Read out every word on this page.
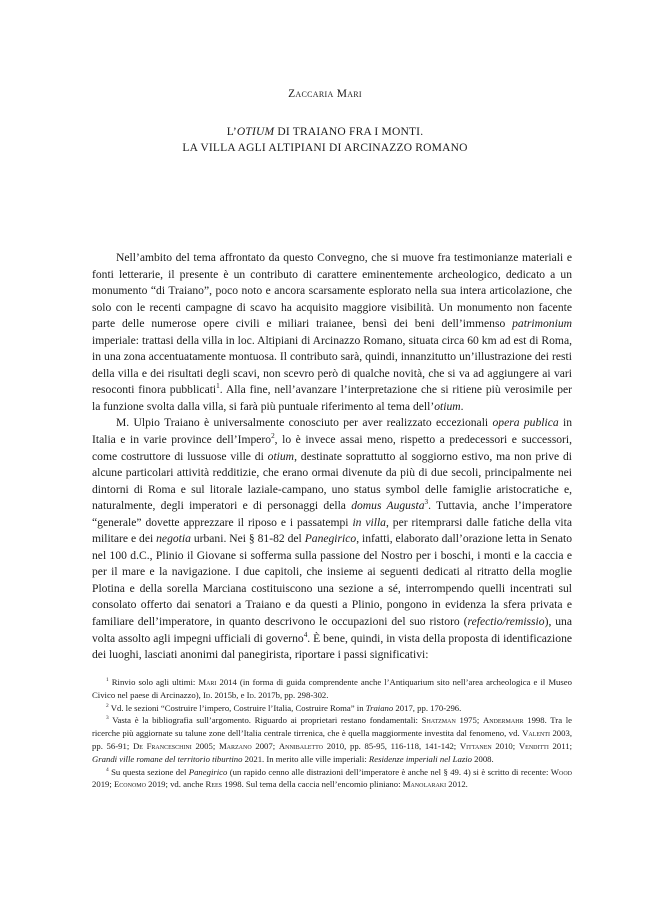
Zaccaria Mari
L’OTIUM DI TRAIANO FRA I MONTI.
LA VILLA AGLI ALTIPIANI DI ARCINAZZO ROMANO

Nell’ambito del tema affrontato da questo Convegno, che si muove fra testimonianze materiali e fonti letterarie, il presente è un contributo di carattere eminentemente archeologico, dedicato a un monumento “di Traiano”, poco noto e ancora scarsamente esplorato nella sua intera articolazione, che solo con le recenti campagne di scavo ha acquisito maggiore visibilità. Un monumento non facente parte delle numerose opere civili e miliari traianee, bensì dei beni dell’immenso patrimonium imperiale: trattasi della villa in loc. Altipiani di Arcinazzo Romano, situata circa 60 km ad est di Roma, in una zona accentuatamente montuosa. Il contributo sarà, quindi, innanzitutto un’illustrazione dei resti della villa e dei risultati degli scavi, non scevro però di qualche novità, che si va ad aggiungere ai vari resoconti finora pubblicati$^1$. Alla fine, nell’avanzare l’interpretazione che si ritiene più verosimile per la funzione svolta dalla villa, si farà più puntuale riferimento al tema dell’otium.

M. Ulpio Traiano è universalmente conosciuto per aver realizzato eccezionali opera publica in Italia e in varie province dell’Impero$^2$, lo è invece assai meno, rispetto a predecessori e successori, come costruttore di lussuose ville di otium, destinate soprattutto al soggiorno estivo, ma non prive di alcune particolari attività redditizie, che erano ormai divenute da più di due secoli, principalmente nei dintorni di Roma e sul litorale laziale-campano, uno status symbol delle famiglie aristocratiche e, naturalmente, degli imperatori e di personaggi della domus Augusta$^3$. Tuttavia, anche l’imperatore “generale” dovette apprezzare il riposo e i passatempi in villa, per ritemprarsi dalle fatiche della vita militare e dei negotia urbani. Nei § 81-82 del Panegirico, infatti, elaborato dall’orazione letta in Senato nel 100 d.C., Plinio il Giovane si sofferma sulla passione del Nostro per i boschi, i monti e la caccia e per il mare e la navigazione. I due capitoli, che insieme ai seguenti dedicati al ritratto della moglie Plotina e della sorella Marciana costituiscono una sezione a sé, interrompendo quelli incentrati sul consolato offerto dai senatori a Traiano e da questi a Plinio, pongono in evidenza la sfera privata e familiare dell’imperatore, in quanto descrivono le occupazioni del suo ristoro (refectio/remissio), una volta assolto agli impegni ufficiali di governo$^4$. È bene, quindi, in vista della proposta di identificazione dei luoghi, lasciati anonimi dal panegirista, riportare i passi significativi:

$^1$ Rinvio solo agli ultimi: Mari 2014 (in forma di guida comprendente anche l’Antiquarium sito nell’area archeologica e il Museo Civico nel paese di Arcinazzo), Id. 2015b, e Id. 2017b, pp. 298-302.

$^2$ Vd. le sezioni “Costruire l’impero, Costruire l’Italia, Costruire Roma” in Traiano 2017, pp. 170-296.

$^3$ Vasta è la bibliografia sull’argomento. Riguardo ai proprietari restano fondamentali: Shatzman 1975; Andermahr 1998. Tra le ricerche più aggiornate su talune zone dell’Italia centrale tirrenica, che è quella maggiormente investita dal fenomeno, vd. Valenti 2003, pp. 56-91; De Franceschini 2005; Marzano 2007; Annibaletto 2010, pp. 85-95, 116-118, 141-142; Vittanen 2010; Venditti 2011; Grandi ville romane del territorio tiburtino 2021. In merito alle ville imperiali: Residenze imperiali nel Lazio 2008.

$^4$ Su questa sezione del Panegirico (un rapido cenno alle distrazioni dell’imperatore è anche nel § 49. 4) si è scritto di recente: Wood 2019; Economo 2019; vd. anche Rees 1998. Sul tema della caccia nell’encomio pliniano: Manolaraki 2012.
